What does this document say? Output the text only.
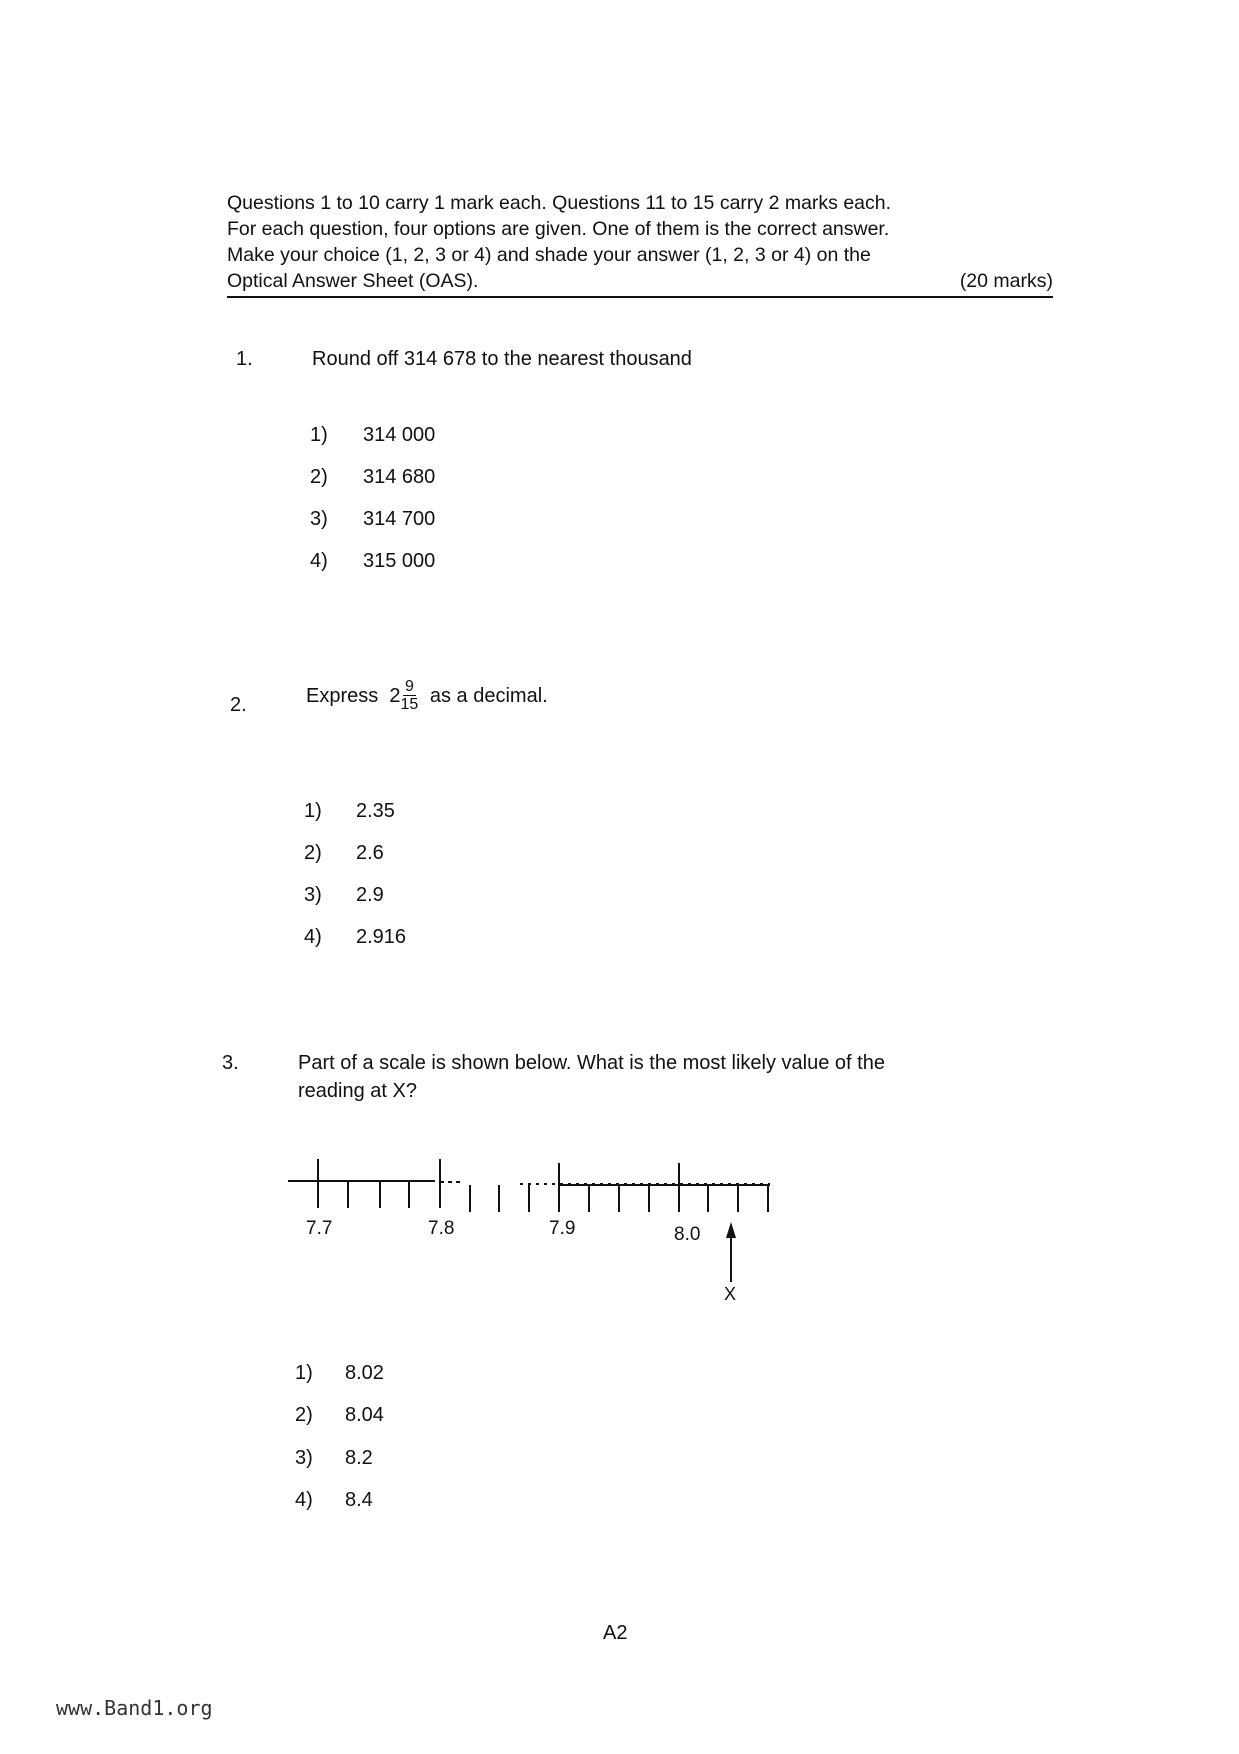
Questions 1 to 10 carry 1 mark each. Questions 11 to 15 carry 2 marks each.
For each question, four options are given. One of them is the correct answer.
Make your choice (1, 2, 3 or 4) and shade your answer (1, 2, 3 or 4) on the
Optical Answer Sheet (OAS).	(20 marks)
1.	Round off 314 678 to the nearest thousand
2.	Express
$2 \frac{9}{15}$
as a decimal.
3.	Part of a scale is shown below. What is the most likely value of the
reading at X?
X
A2
www.Band1.org
1) 314 000
2) 314 680
3) 314 700
4) 315 000
1) 2.35
2) 2.6
3) 2.9
4) 2.916
1) 8.02
2) 8.04
3) 8.2
4) 8.4
7.7	7.8	7.9	8.0
